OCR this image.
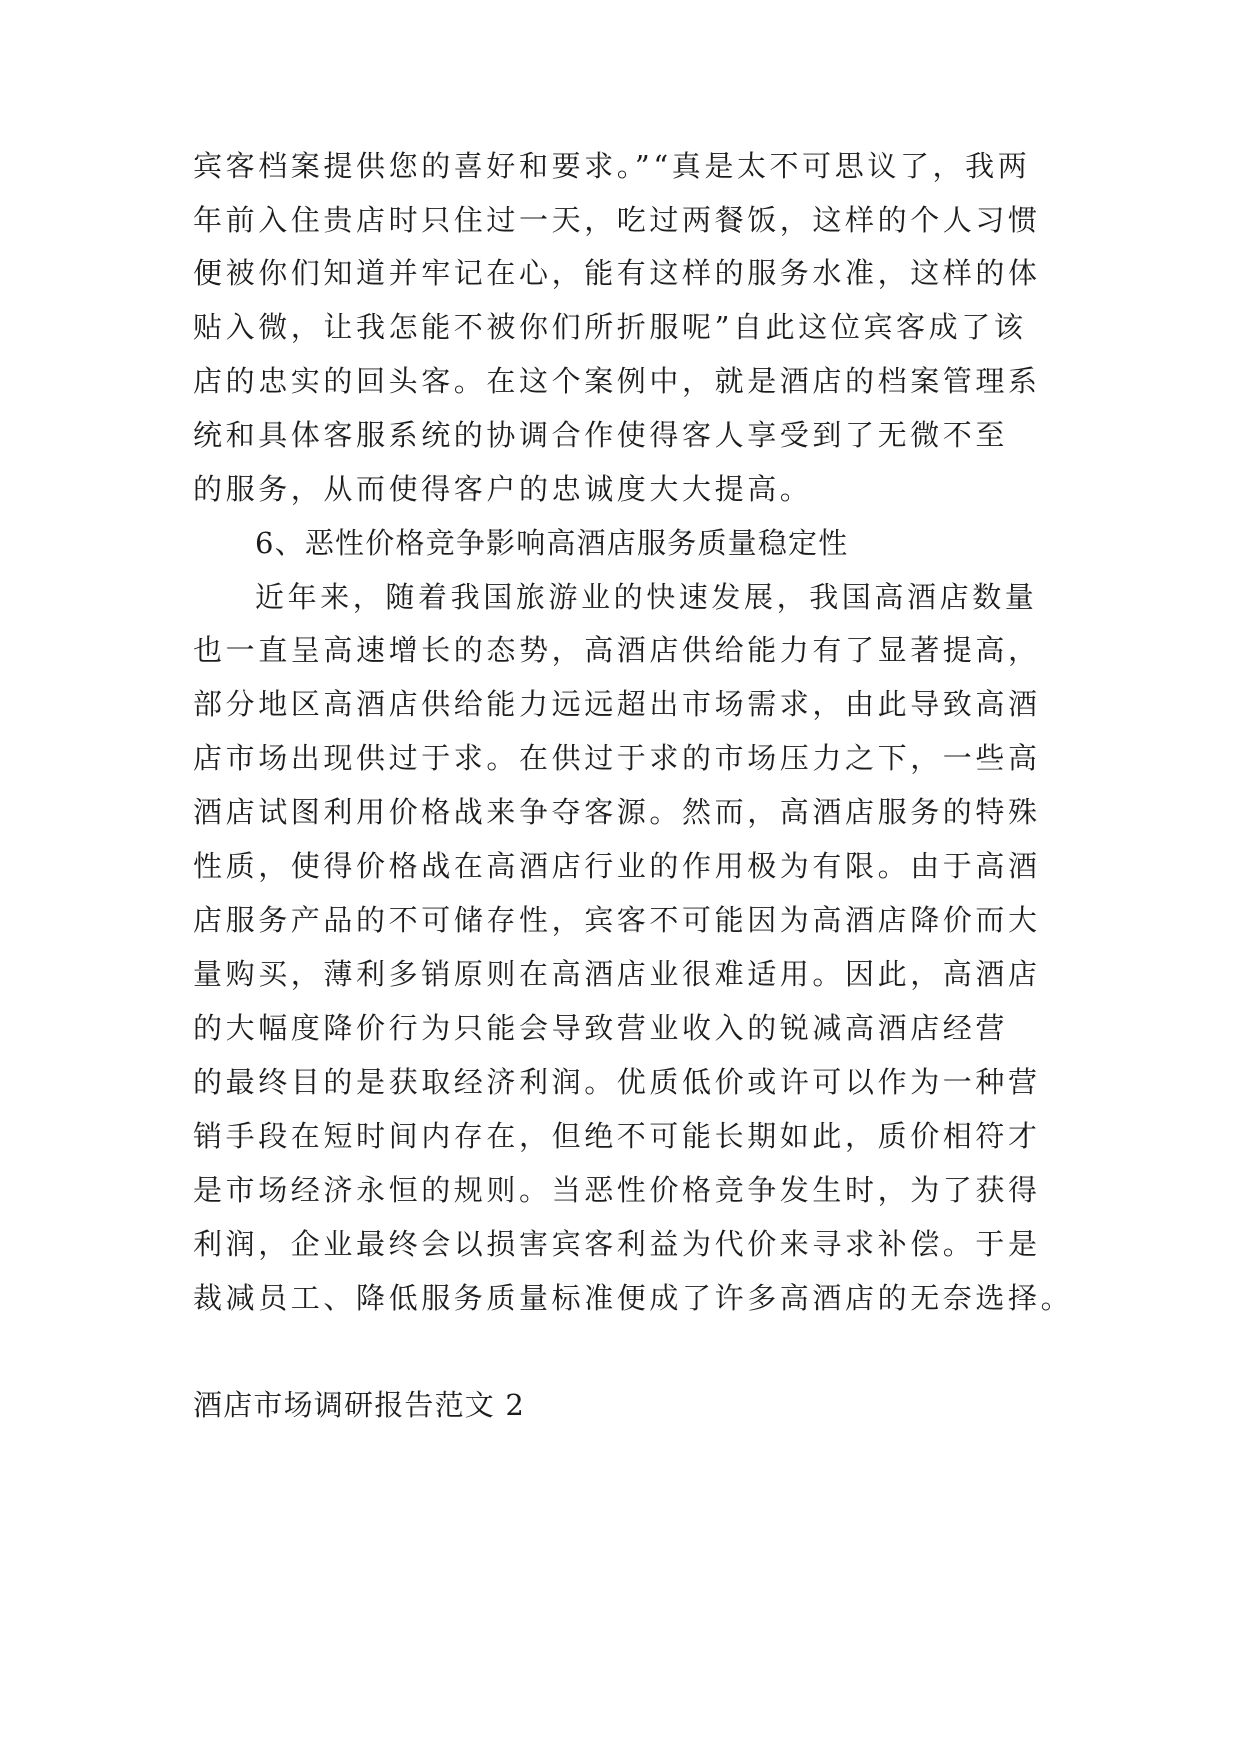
宾客档案提供您的喜好和要求。”“真是太不可思议了，我两
年前入住贵店时只住过一天，吃过两餐饭，这样的个人习惯
便被你们知道并牢记在心，能有这样的服务水准，这样的体
贴入微，让我怎能不被你们所折服呢”自此这位宾客成了该
店的忠实的回头客。在这个案例中，就是酒店的档案管理系
统和具体客服系统的协调合作使得客人享受到了无微不至
的服务，从而使得客户的忠诚度大大提高。
6、恶性价格竞争影响高酒店服务质量稳定性
近年来，随着我国旅游业的快速发展，我国高酒店数量
也一直呈高速增长的态势，高酒店供给能力有了显著提高，
部分地区高酒店供给能力远远超出市场需求，由此导致高酒
店市场出现供过于求。在供过于求的市场压力之下，一些高
酒店试图利用价格战来争夺客源。然而，高酒店服务的特殊
性质，使得价格战在高酒店行业的作用极为有限。由于高酒
店服务产品的不可储存性，宾客不可能因为高酒店降价而大
量购买，薄利多销原则在高酒店业很难适用。因此，高酒店
的大幅度降价行为只能会导致营业收入的锐减高酒店经营
的最终目的是获取经济利润。优质低价或许可以作为一种营
销手段在短时间内存在，但绝不可能长期如此，质价相符才
是市场经济永恒的规则。当恶性价格竞争发生时，为了获得
利润，企业最终会以损害宾客利益为代价来寻求补偿。于是
裁减员工、降低服务质量标准便成了许多高酒店的无奈选择。
酒店市场调研报告范文 2
